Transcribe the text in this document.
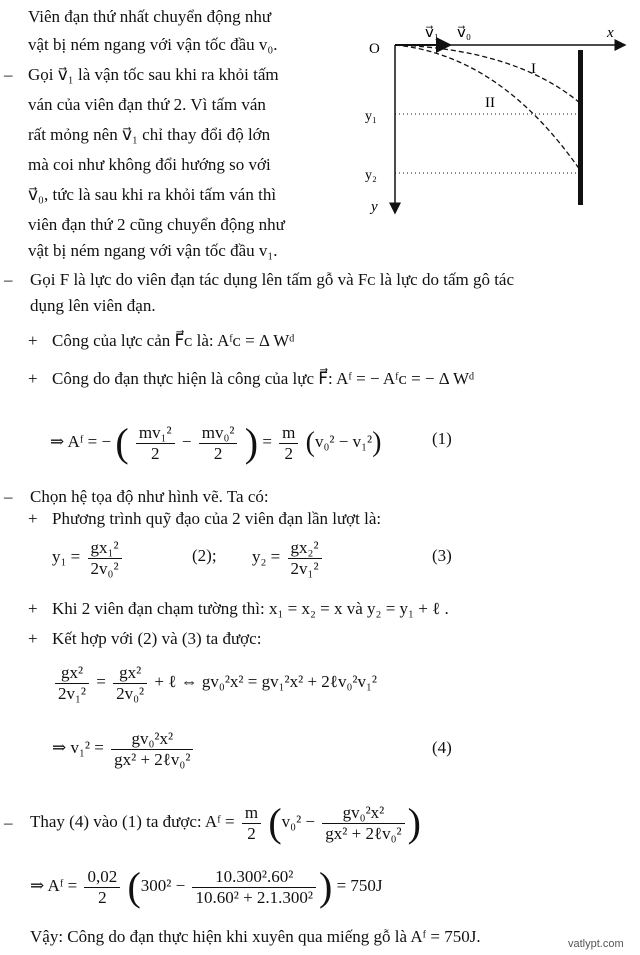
Viên đạn thứ nhất chuyển động như
vật bị ném ngang với vận tốc đầu v₀.
– Gọi v⃗₁ là vận tốc sau khi ra khỏi tấm
ván của viên đạn thứ 2. Vì tấm ván
rất mỏng nên v⃗₁ chỉ thay đổi độ lớn
mà coi như không đổi hướng so với
v⃗₀, tức là sau khi ra khỏi tấm ván thì
viên đạn thứ 2 cũng chuyển động như
vật bị ném ngang với vận tốc đầu v₁.
O
x
y
v⃗₁ v⃗₀
I
II
y₁
y₂
– Gọi F là lực do viên đạn tác dụng lên tấm gỗ và Fᴄ là lực do tấm gô tác
dụng lên viên đạn.
+ Công của lực cản F⃗ᴄ là: Aᶠᴄ = Δ Wᵈ
+ Công do đạn thực hiện là công của lực F⃗: Aᶠ = − Aᶠᴄ = − Δ Wᵈ
⇒ Aᶠ = − ( $\frac{\text{mv₁²}}{2} - \frac{\text{mv₀²}}{2}$ ) = $\frac{m}{2} (v_0^2 - v_1^2)$	(1)
– Chọn hệ tọa độ như hình vẽ. Ta có:
+ Phương trình quỹ đạo của 2 viên đạn lần lượt là:
$y_1 = \frac{\text{gx₁²}}{\text{2v₀²}}$	(2); $y_2 = \frac{\text{gx₂²}}{\text{2v₁²}}$	(3)
+ Khi 2 viên đạn chạm tường thì: x₁ = x₂ = x và y₂ = y₁ + ℓ .
+ Kết hợp với (2) và (3) ta được:
$\frac{\text{gx²}}{\text{2v₁²}} = \frac{\text{gx²}}{\text{2v₀²}}$ + ℓ ⇔ gv₀²x² = gv₁²x² + 2ℓv₀²v₁²
⇒ $v_1^2 = \frac{\text{gv₀²x²}}{\text{gx² + 2ℓv₀²}}$	(4)
– Thay (4) vào (1) ta được: Aᶠ = $\frac{m}{2} (v_0^2 - \frac{\text{gv₀²x²}}{\text{gx² + 2ℓv₀²}}$ )
⇒ Aᶠ = $\frac{0,02}{2} (300^2 - \frac{\text{10.300².60²}}{\text{10.60² + 2.1.300²}}$ ) = 750J
Vậy: Công do đạn thực hiện khi xuyên qua miếng gỗ là Aᶠ = 750J.	vatlypt.com
